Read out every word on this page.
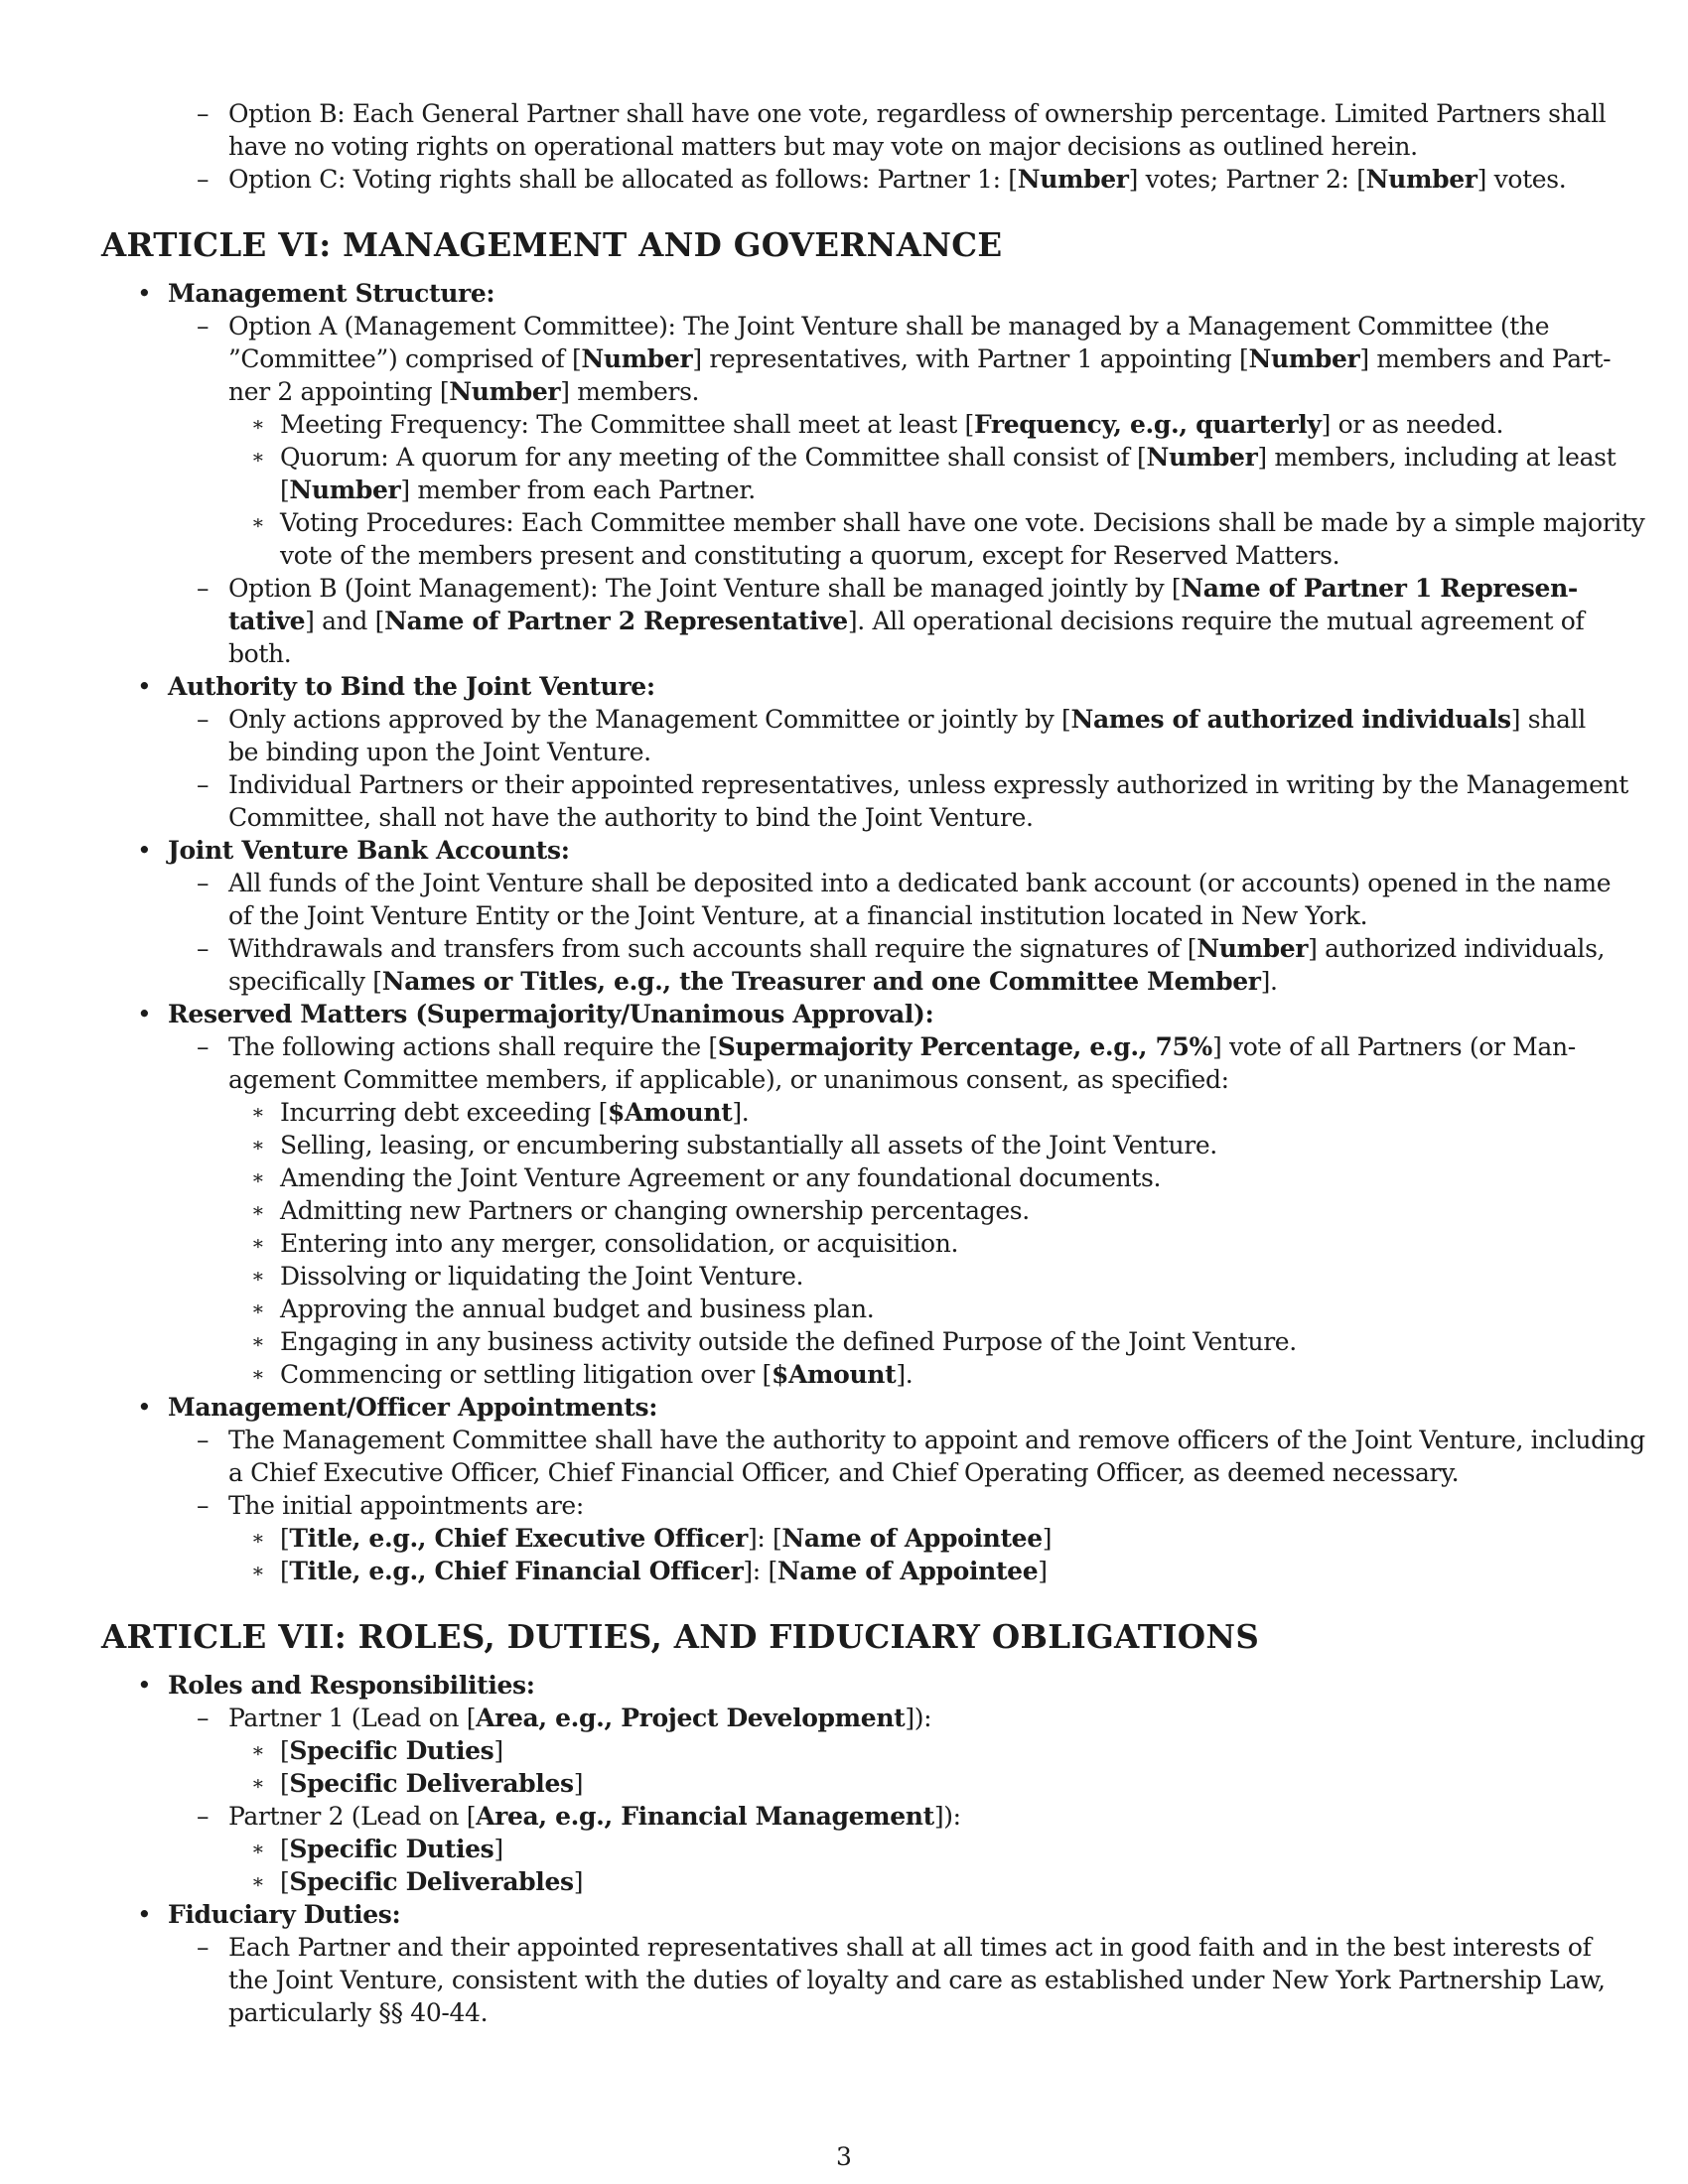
– Option B: Each General Partner shall have one vote, regardless of ownership percentage. Limited Partners shall
have no voting rights on operational matters but may vote on major decisions as outlined herein.
– Option C: Voting rights shall be allocated as follows: Partner 1: [Number] votes; Partner 2: [Number] votes.
ARTICLE VI: MANAGEMENT AND GOVERNANCE
• Management Structure:
– Option A (Management Committee): The Joint Venture shall be managed by a Management Committee (the
”Committee”) comprised of [Number] representatives, with Partner 1 appointing [Number] members and Part-
ner 2 appointing [Number] members.
∗ Meeting Frequency: The Committee shall meet at least [Frequency, e.g., quarterly] or as needed.
∗ Quorum: A quorum for any meeting of the Committee shall consist of [Number] members, including at least
[Number] member from each Partner.
∗ Voting Procedures: Each Committee member shall have one vote. Decisions shall be made by a simple majority
vote of the members present and constituting a quorum, except for Reserved Matters.
– Option B (Joint Management): The Joint Venture shall be managed jointly by [Name of Partner 1 Represen-
tative] and [Name of Partner 2 Representative]. All operational decisions require the mutual agreement of
both.
• Authority to Bind the Joint Venture:
– Only actions approved by the Management Committee or jointly by [Names of authorized individuals] shall
be binding upon the Joint Venture.
– Individual Partners or their appointed representatives, unless expressly authorized in writing by the Management
Committee, shall not have the authority to bind the Joint Venture.
• Joint Venture Bank Accounts:
– All funds of the Joint Venture shall be deposited into a dedicated bank account (or accounts) opened in the name
of the Joint Venture Entity or the Joint Venture, at a financial institution located in New York.
– Withdrawals and transfers from such accounts shall require the signatures of [Number] authorized individuals,
specifically [Names or Titles, e.g., the Treasurer and one Committee Member].
• Reserved Matters (Supermajority/Unanimous Approval):
– The following actions shall require the [Supermajority Percentage, e.g., 75%] vote of all Partners (or Man-
agement Committee members, if applicable), or unanimous consent, as specified:
∗ Incurring debt exceeding [$Amount].
∗ Selling, leasing, or encumbering substantially all assets of the Joint Venture.
∗ Amending the Joint Venture Agreement or any foundational documents.
∗ Admitting new Partners or changing ownership percentages.
∗ Entering into any merger, consolidation, or acquisition.
∗ Dissolving or liquidating the Joint Venture.
∗ Approving the annual budget and business plan.
∗ Engaging in any business activity outside the defined Purpose of the Joint Venture.
∗ Commencing or settling litigation over [$Amount].
• Management/Officer Appointments:
– The Management Committee shall have the authority to appoint and remove officers of the Joint Venture, including
a Chief Executive Officer, Chief Financial Officer, and Chief Operating Officer, as deemed necessary.
– The initial appointments are:
∗ [Title, e.g., Chief Executive Officer]: [Name of Appointee]
∗ [Title, e.g., Chief Financial Officer]: [Name of Appointee]
ARTICLE VII: ROLES, DUTIES, AND FIDUCIARY OBLIGATIONS
• Roles and Responsibilities:
– Partner 1 (Lead on [Area, e.g., Project Development]):
∗ [Specific Duties]
∗ [Specific Deliverables]
– Partner 2 (Lead on [Area, e.g., Financial Management]):
∗ [Specific Duties]
∗ [Specific Deliverables]
• Fiduciary Duties:
– Each Partner and their appointed representatives shall at all times act in good faith and in the best interests of
the Joint Venture, consistent with the duties of loyalty and care as established under New York Partnership Law,
particularly §§ 40-44.
3
